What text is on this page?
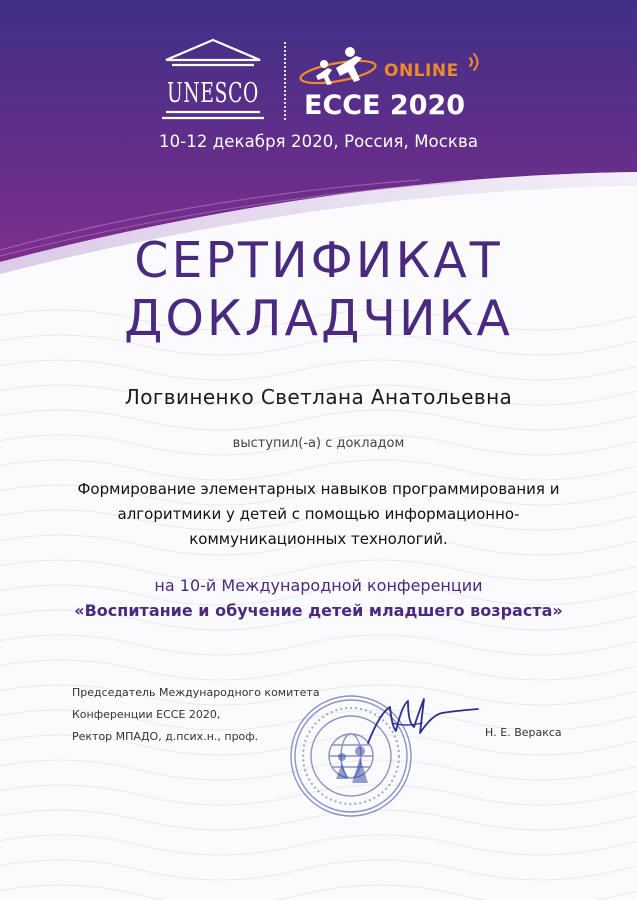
UNESCO
ONLINE
ECCE 2020
10-12 декабря 2020, Россия, Москва
СЕРТИФИКАТ
ДОКЛАДЧИКА
Логвиненко Светлана Анатольевна
выступил(-а) с докладом
Формирование элементарных навыков программирования и
алгоритмики у детей с помощью информационно-
коммуникационных технологий.
на 10-й Международной конференции
«Воспитание и обучение детей младшего возраста»
Председатель Международного комитета
Конференции ECCE 2020,
Ректор МПАДО, д.псих.н., проф.	Н. Е. Веракса
